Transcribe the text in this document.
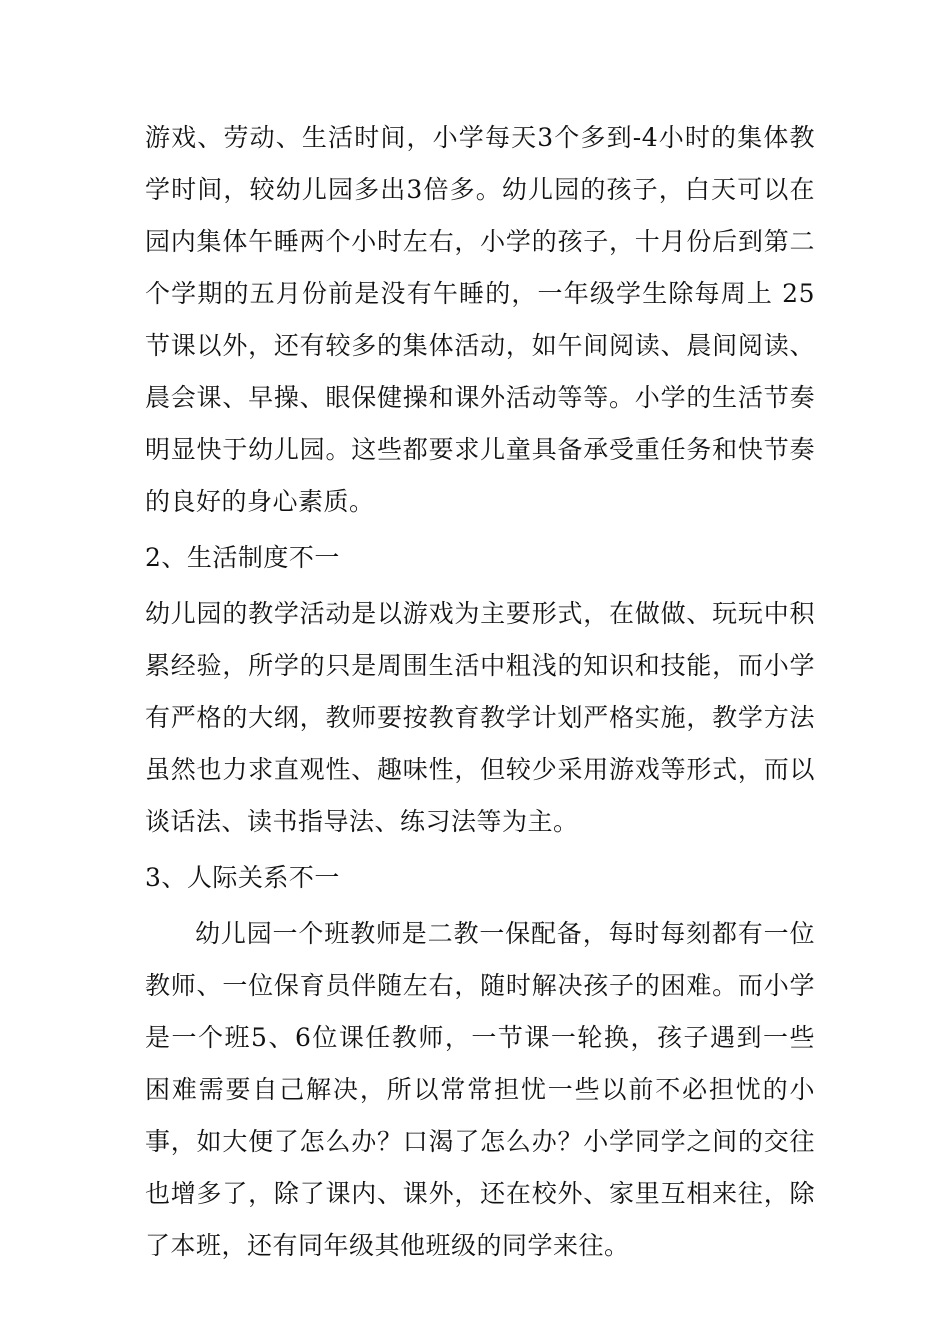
游戏、劳动、生活时间，小学每天3个多到-4小时的集体教学时间，较幼儿园多出3倍多。幼儿园的孩子，白天可以在园内集体午睡两个小时左右，小学的孩子，十月份后到第二个学期的五月份前是没有午睡的，一年级学生除每周上 25 节课以外，还有较多的集体活动，如午间阅读、晨间阅读、晨会课、早操、眼保健操和课外活动等等。小学的生活节奏明显快于幼儿园。这些都要求儿童具备承受重任务和快节奏的良好的身心素质。

2、生活制度不一

幼儿园的教学活动是以游戏为主要形式，在做做、玩玩中积累经验，所学的只是周围生活中粗浅的知识和技能，而小学有严格的大纲，教师要按教育教学计划严格实施，教学方法虽然也力求直观性、趣味性，但较少采用游戏等形式，而以谈话法、读书指导法、练习法等为主。

3、人际关系不一

幼儿园一个班教师是二教一保配备，每时每刻都有一位教师、一位保育员伴随左右，随时解决孩子的困难。而小学是一个班5、6位课任教师，一节课一轮换，孩子遇到一些困难需要自己解决，所以常常担忧一些以前不必担忧的小事，如大便了怎么办？口渴了怎么办？小学同学之间的交往也增多了，除了课内、课外，还在校外、家里互相来往，除了本班，还有同年级其他班级的同学来往。
